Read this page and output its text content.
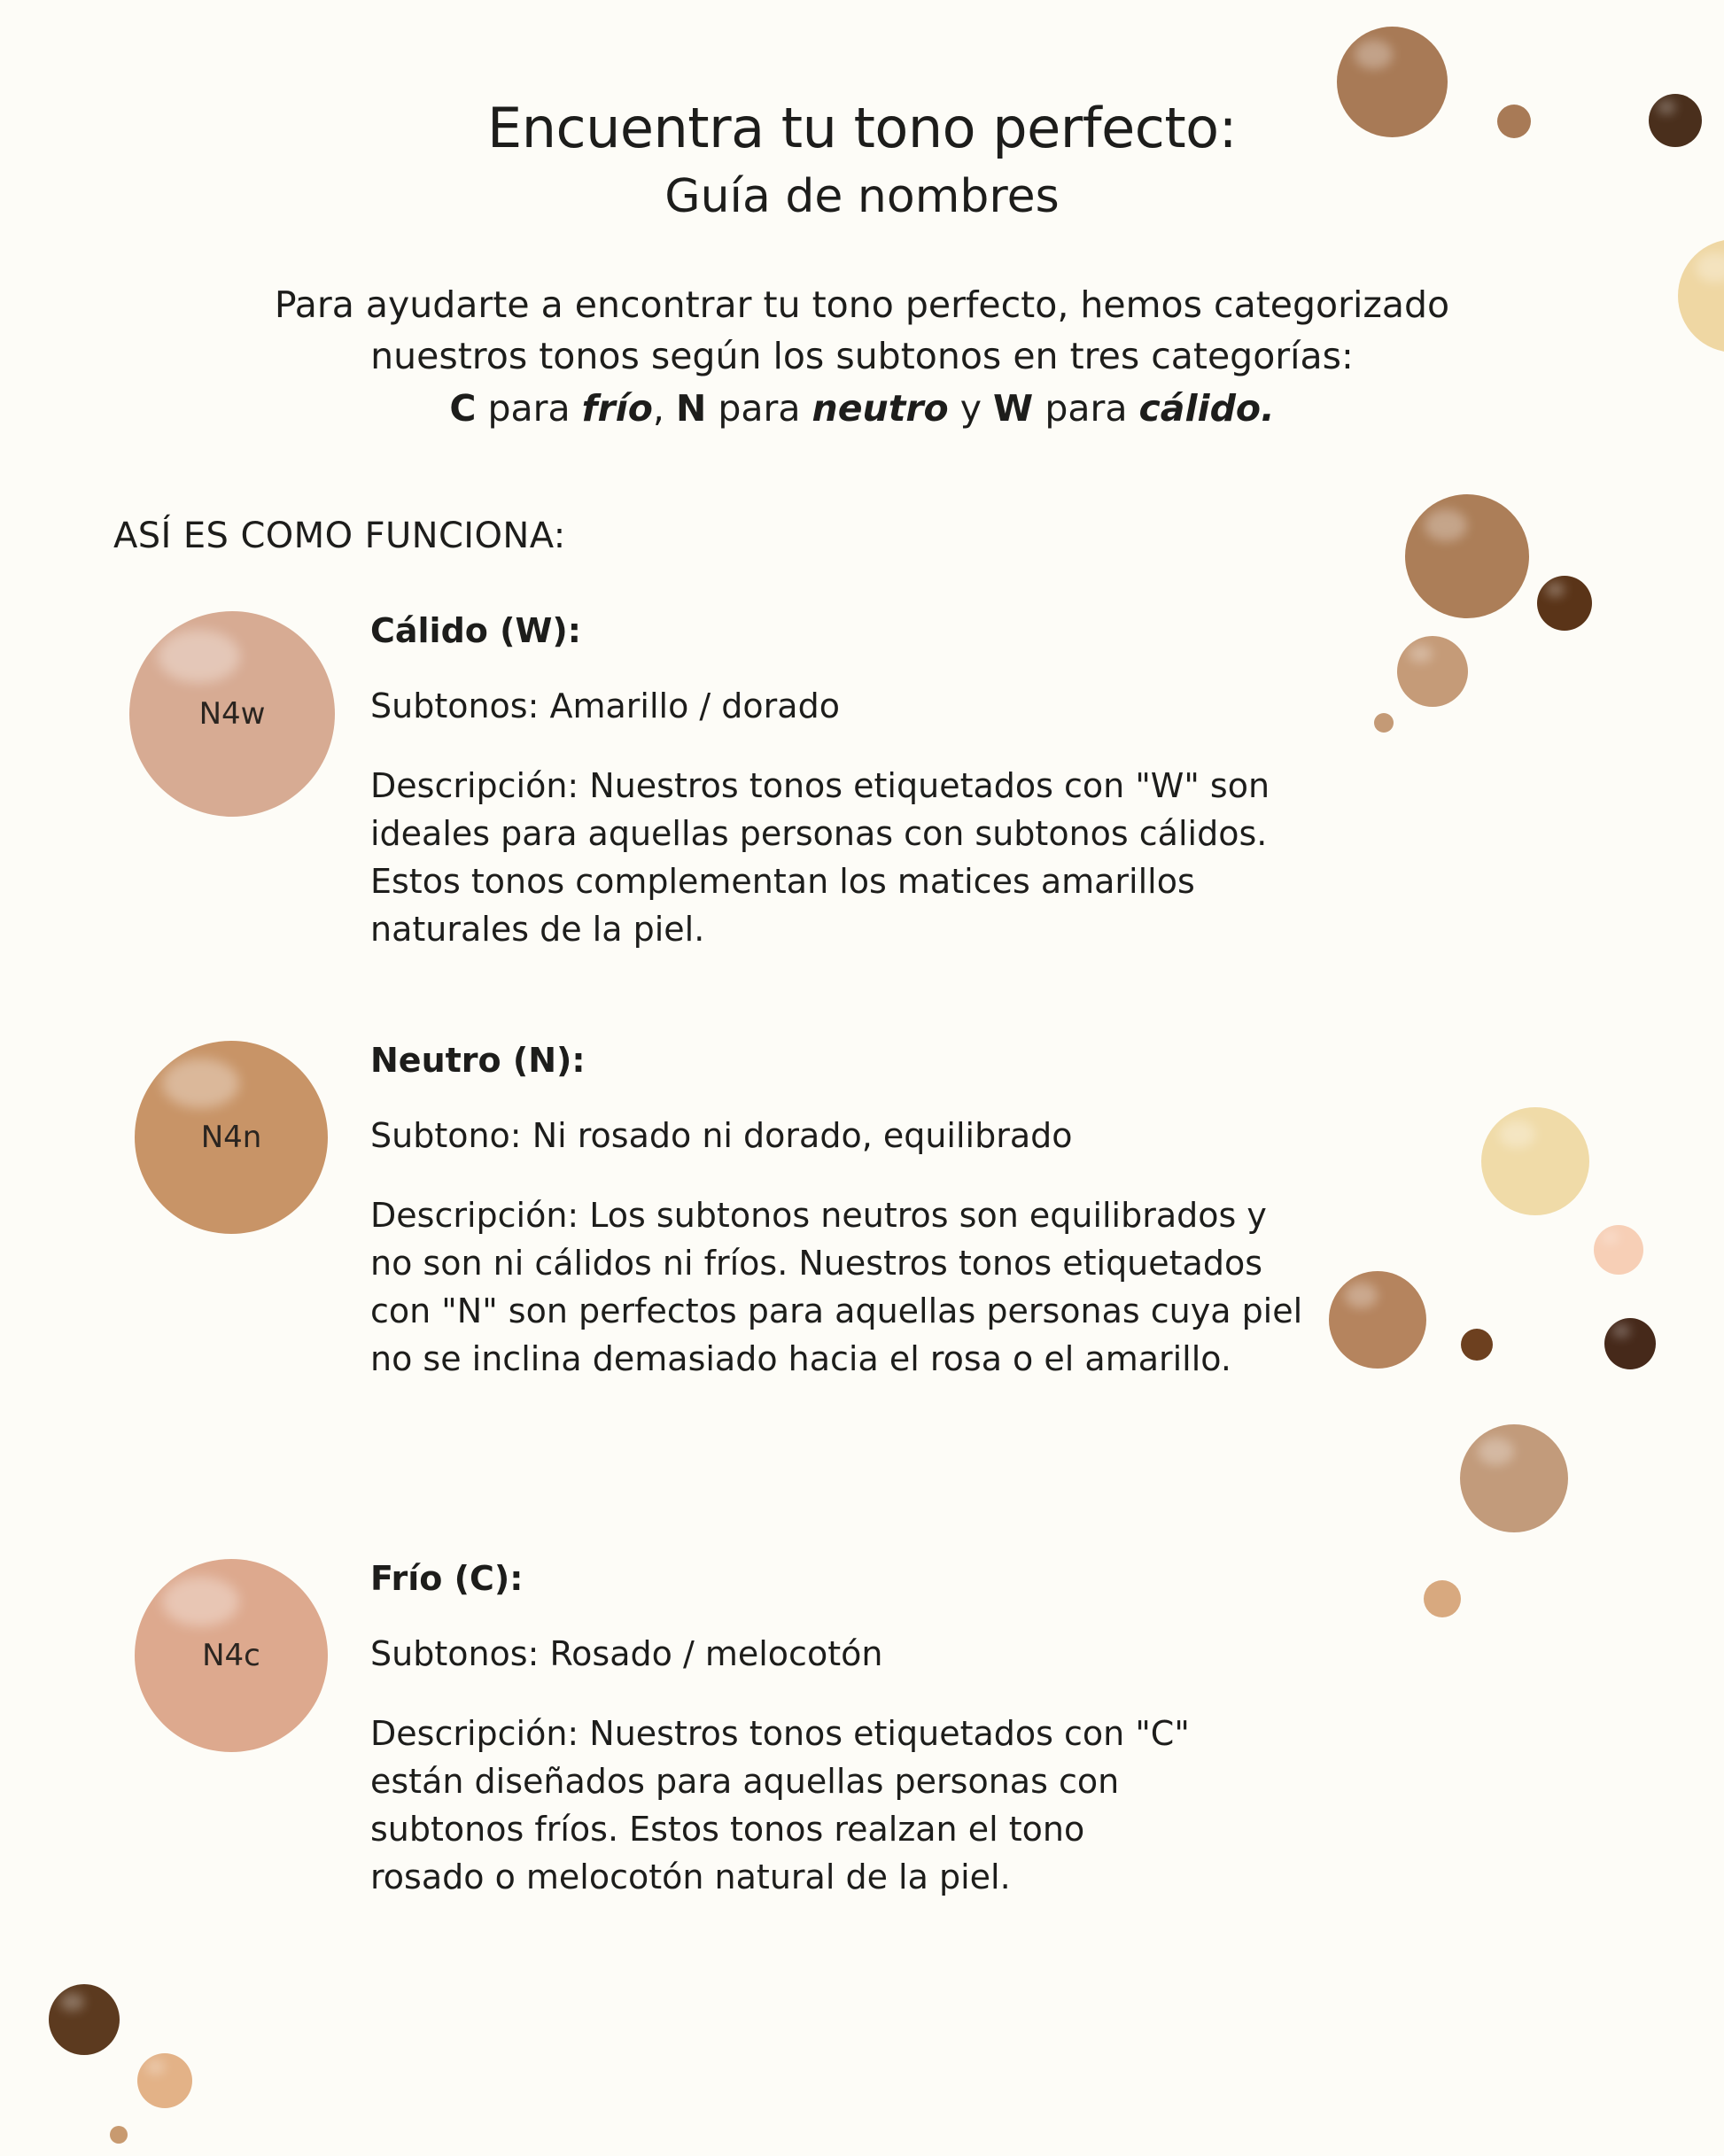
Encuentra tu tono perfecto:
Guía de nombres
Para ayudarte a encontrar tu tono perfecto, hemos categorizado
nuestros tonos según los subtonos en tres categorías:
C para frío, N para neutro y W para cálido.
ASÍ ES COMO FUNCIONA:
N4w

Cálido (W):

Subtonos: Amarillo / dorado

Descripción: Nuestros tonos etiquetados con "W" son ideales para aquellas personas con subtonos cálidos. Estos tonos complementan los matices amarillos naturales de la piel.

N4n

Neutro (N):

Subtono: Ni rosado ni dorado, equilibrado

Descripción: Los subtonos neutros son equilibrados y no son ni cálidos ni fríos. Nuestros tonos etiquetados con "N" son perfectos para aquellas personas cuya piel no se inclina demasiado hacia el rosa o el amarillo.

N4c

Frío (C):

Subtonos: Rosado / melocotón

Descripción: Nuestros tonos etiquetados con "C" están diseñados para aquellas personas con subtonos fríos. Estos tonos realzan el tono rosado o melocotón natural de la piel.
